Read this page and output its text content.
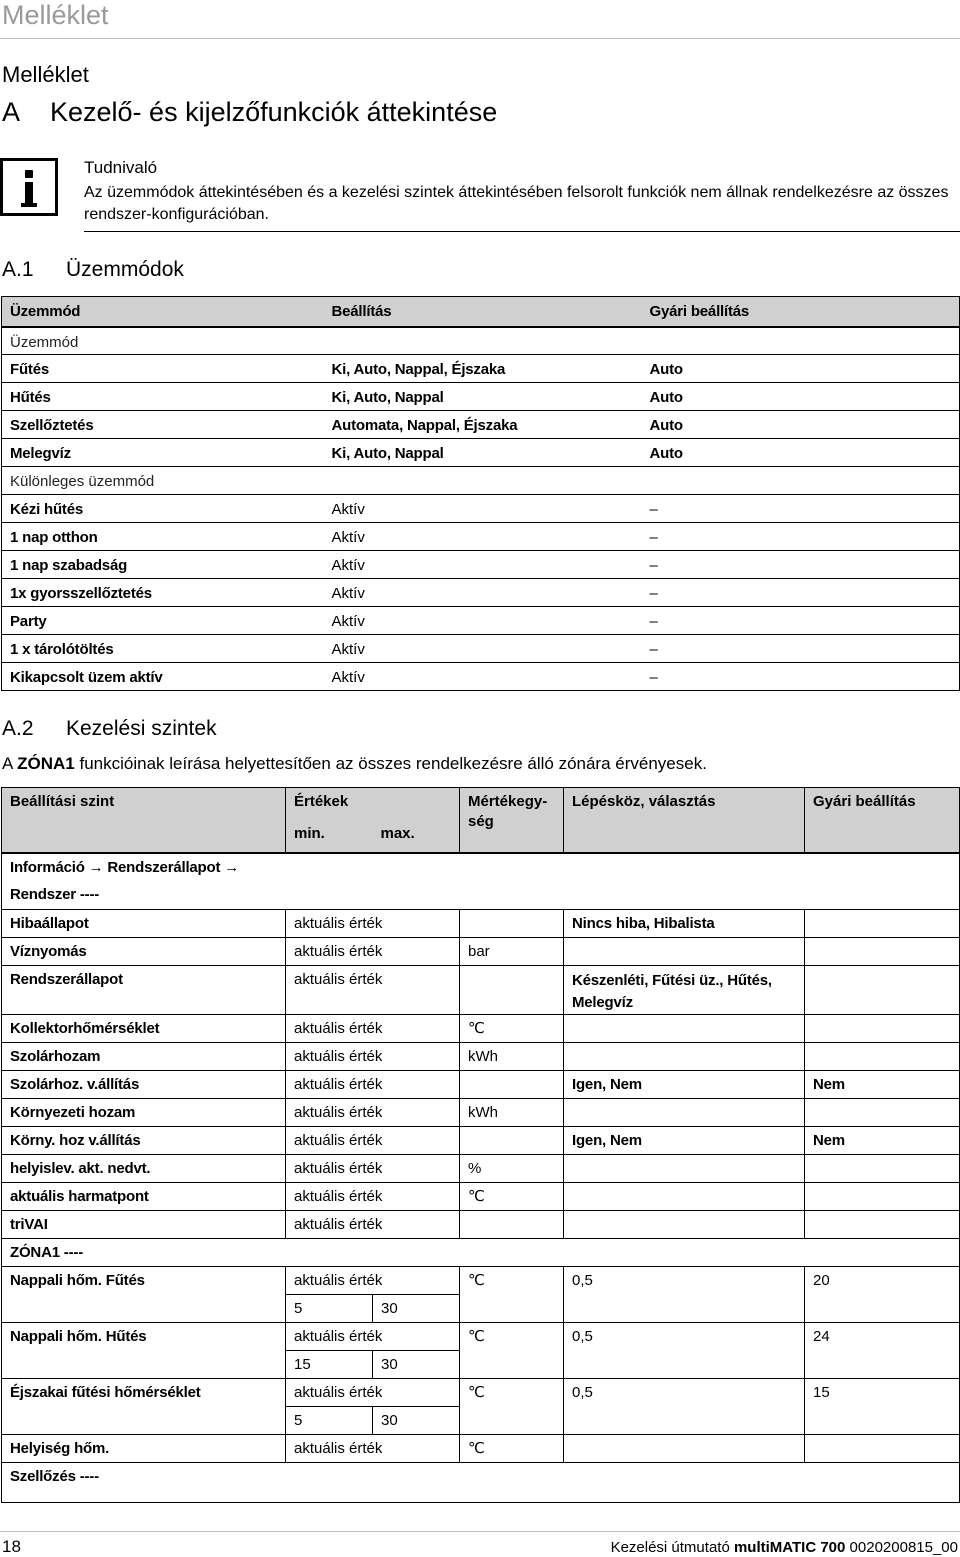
Melléklet
Melléklet
A Kezelő- és kijelzőfunkciók áttekintése
Tudnivaló
Az üzemmódok áttekintésében és a kezelési szintek áttekintésében felsorolt funkciók nem állnak rendelkezésre az összes rendszer-konfigurációban.
A.1 Üzemmódok
Üzemmód	Beállítás	Gyári beállítás
Üzemmód		
Fűtés	Ki, Auto, Nappal, Éjszaka	Auto
Hűtés	Ki, Auto, Nappal	Auto
Szellőztetés	Automata, Nappal, Éjszaka	Auto
Melegvíz	Ki, Auto, Nappal	Auto
Különleges üzemmód		
Kézi hűtés	Aktív	–
1 nap otthon	Aktív	–
1 nap szabadság	Aktív	–
1x gyorsszellőztetés	Aktív	–
Party	Aktív	–
1 x tárolótöltés	Aktív	–
Kikapcsolt üzem aktív	Aktív	–
A.2 Kezelési szintek
A ZÓNA1 funkcióinak leírása helyettesítően az összes rendelkezésre álló zónára érvényesek.
Beállítási szint	Értékek		Mértékegy-ség	Lépésköz, választás	Gyári beállítás
	min.	max.			
Információ → Rendszerállapot →					
Rendszer ----					
Hibaállapot	aktuális érték			Nincs hiba, Hibalista	
Víznyomás	aktuális érték		bar		
Rendszerállapot	aktuális érték			Készenléti, Fűtési üz., Hűtés, Melegvíz	
Kollektorhőmérséklet	aktuális érték		℃		
Szolárhozam	aktuális érték		kWh		
Szolárhoz. v.állítás	aktuális érték			Igen, Nem	Nem
Környezeti hozam	aktuális érték		kWh		
Körny. hoz v.állítás	aktuális érték			Igen, Nem	Nem
helyislev. akt. nedvt.	aktuális érték		%		
aktuális harmatpont	aktuális érték		℃		
triVAI	aktuális érték				
ZÓNA1 ----					
Nappali hőm. Fűtés	aktuális érték		℃	0,5	20
	5	30			
Nappali hőm. Hűtés	aktuális érték		℃	0,5	24
	15	30			
Éjszakai fűtési hőmérséklet	aktuális érték		℃	0,5	15
	5	30			
Helyiség hőm.	aktuális érték		℃		
Szellőzés ----					
18	Kezelési útmutató multiMATIC 700 0020200815_00
